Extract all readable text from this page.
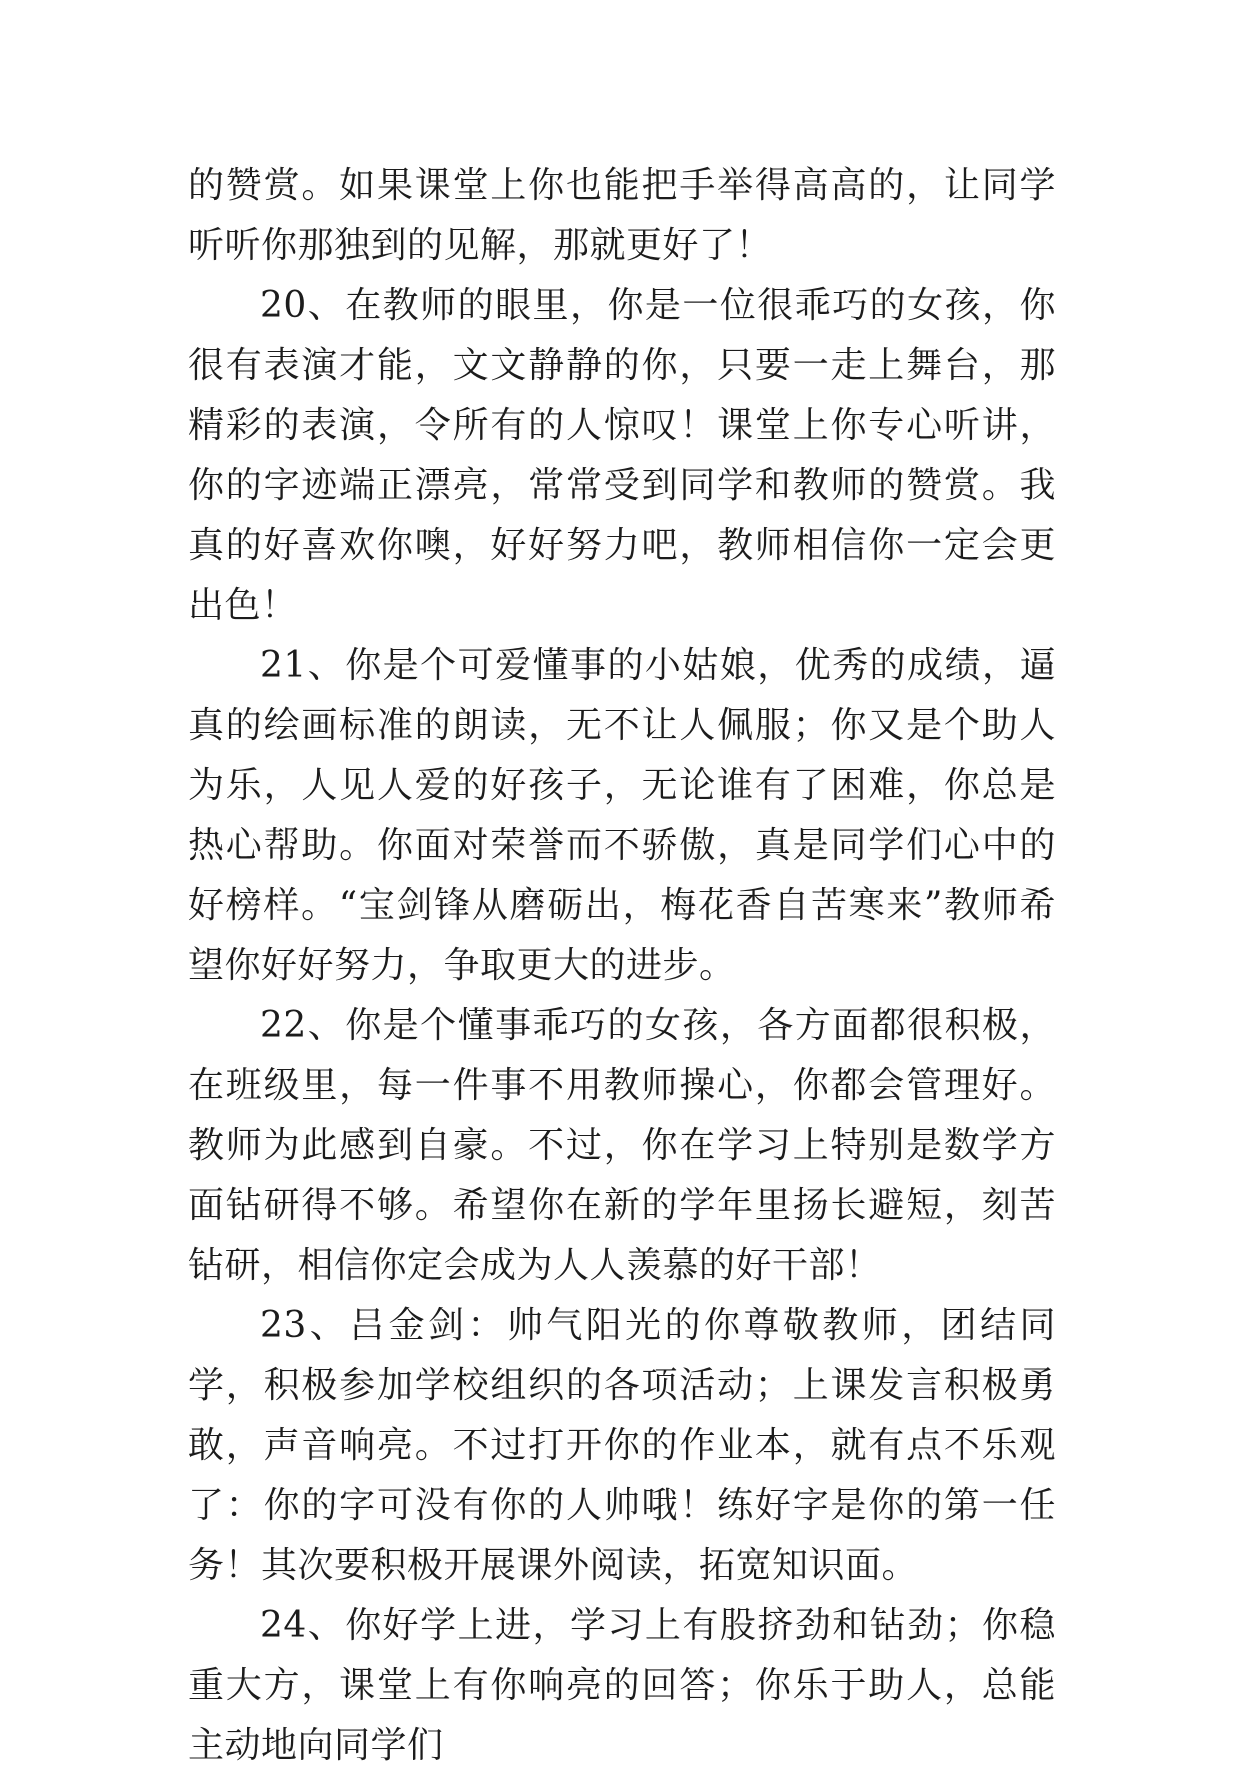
的赞赏。如果课堂上你也能把手举得高高的，让同学听听你那独到的见解，那就更好了！

20、在教师的眼里，你是一位很乖巧的女孩，你很有表演才能，文文静静的你，只要一走上舞台，那精彩的表演，令所有的人惊叹！课堂上你专心听讲，你的字迹端正漂亮，常常受到同学和教师的赞赏。我真的好喜欢你噢，好好努力吧，教师相信你一定会更出色！

21、你是个可爱懂事的小姑娘，优秀的成绩，逼真的绘画标准的朗读，无不让人佩服；你又是个助人为乐，人见人爱的好孩子，无论谁有了困难，你总是热心帮助。你面对荣誉而不骄傲，真是同学们心中的好榜样。“宝剑锋从磨砺出，梅花香自苦寒来”教师希望你好好努力，争取更大的进步。

22、你是个懂事乖巧的女孩，各方面都很积极，在班级里，每一件事不用教师操心，你都会管理好。教师为此感到自豪。不过，你在学习上特别是数学方面钻研得不够。希望你在新的学年里扬长避短，刻苦钻研，相信你定会成为人人羡慕的好干部！

23、吕金剑：帅气阳光的你尊敬教师，团结同学，积极参加学校组织的各项活动；上课发言积极勇敢，声音响亮。不过打开你的作业本，就有点不乐观了：你的字可没有你的人帅哦！练好字是你的第一任务！其次要积极开展课外阅读，拓宽知识面。

24、你好学上进，学习上有股挤劲和钻劲；你稳重大方，课堂上有你响亮的回答；你乐于助人，总能主动地向同学们
